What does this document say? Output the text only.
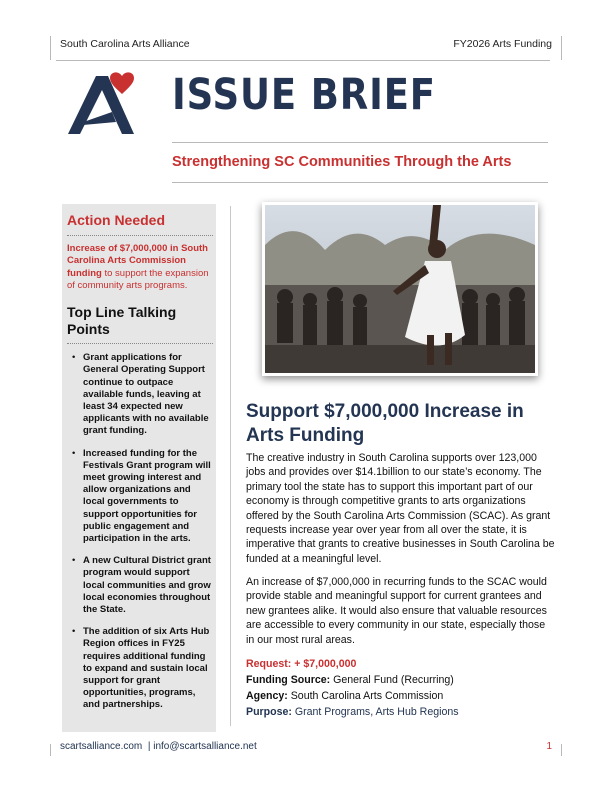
South Carolina Arts Alliance	FY2026 Arts Funding
ISSUE BRIEF
Strengthening SC Communities Through the Arts
Action Needed
Increase of $7,000,000 in South Carolina Arts Commission funding to support the expansion of community arts programs.
Top Line Talking Points
• Grant applications for General Operating Support continue to outpace available funds, leaving at least 34 expected new applicants with no available grant funding.
• Increased funding for the Festivals Grant program will meet growing interest and allow organizations and local governments to support opportunities for public engagement and participation in the arts.
• A new Cultural District grant program would support local communities and grow local economies throughout the State.
• The addition of six Arts Hub Region offices in FY25 requires additional funding to expand and sustain local support for grant opportunities, programs, and partnerships.
Support $7,000,000 Increase in Arts Funding
The creative industry in South Carolina supports over 123,000 jobs and provides over $14.1billion to our state’s economy. The primary tool the state has to support this important part of our economy is through competitive grants to arts organizations offered by the South Carolina Arts Commission (SCAC). As grant requests increase year over year from all over the state, it is imperative that grants to creative businesses in South Carolina be funded at a meaningful level.
An increase of $7,000,000 in recurring funds to the SCAC would provide stable and meaningful support for current grantees and new grantees alike. It would also ensure that valuable resources are accessible to every community in our state, especially those in our most rural areas.
Request: + $7,000,000
Funding Source: General Fund (Recurring)
Agency: South Carolina Arts Commission
Purpose: Grant Programs, Arts Hub Regions
scartsalliance.com  | info@scartsalliance.net	1
